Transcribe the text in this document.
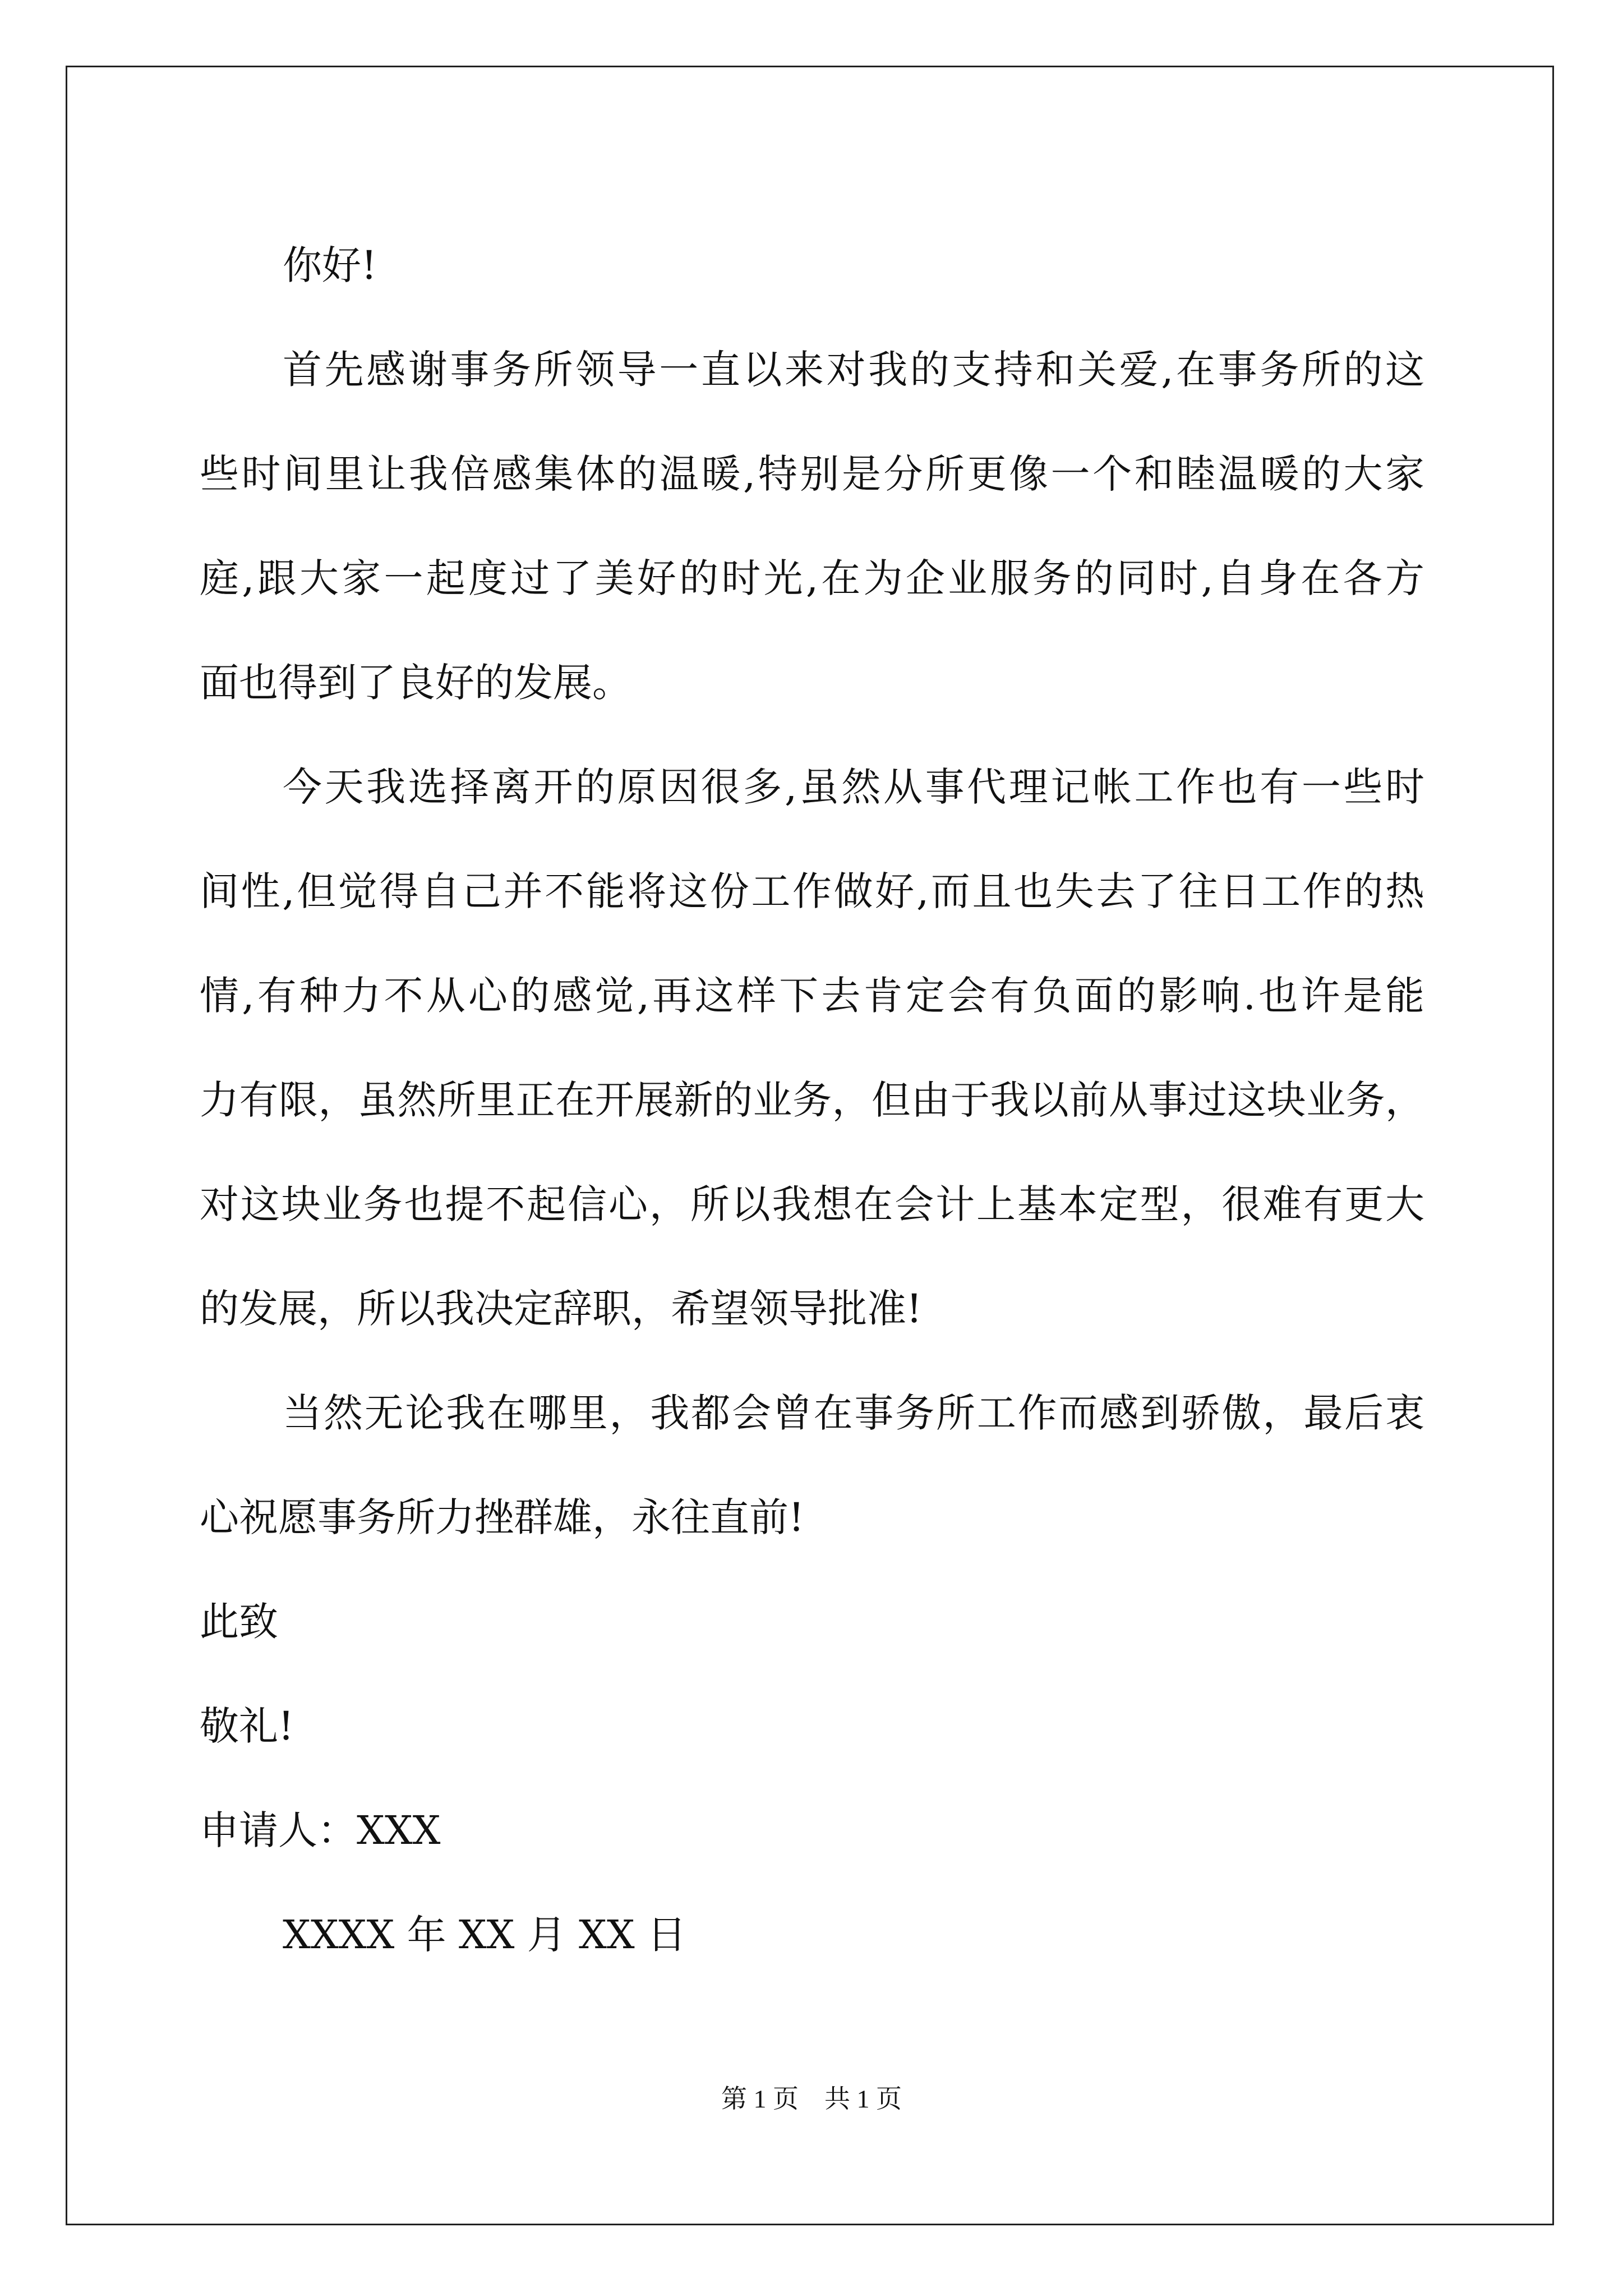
你好!
首先感谢事务所领导一直以来对我的支持和关爱,在事务所的这
些时间里让我倍感集体的温暖,特别是分所更像一个和睦温暖的大家
庭,跟大家一起度过了美好的时光,在为企业服务的同时,自身在各方
面也得到了良好的发展。
今天我选择离开的原因很多,虽然从事代理记帐工作也有一些时
间性,但觉得自己并不能将这份工作做好,而且也失去了往日工作的热
情,有种力不从心的感觉,再这样下去肯定会有负面的影响.也许是能
力有限，虽然所里正在开展新的业务，但由于我以前从事过这块业务，
对这块业务也提不起信心，所以我想在会计上基本定型，很难有更大
的发展，所以我决定辞职，希望领导批准!
当然无论我在哪里，我都会曾在事务所工作而感到骄傲，最后衷
心祝愿事务所力挫群雄，永往直前!
此致
敬礼!
申请人：XXX
XXXX 年 XX 月 XX 日
第 1 页　共 1 页
